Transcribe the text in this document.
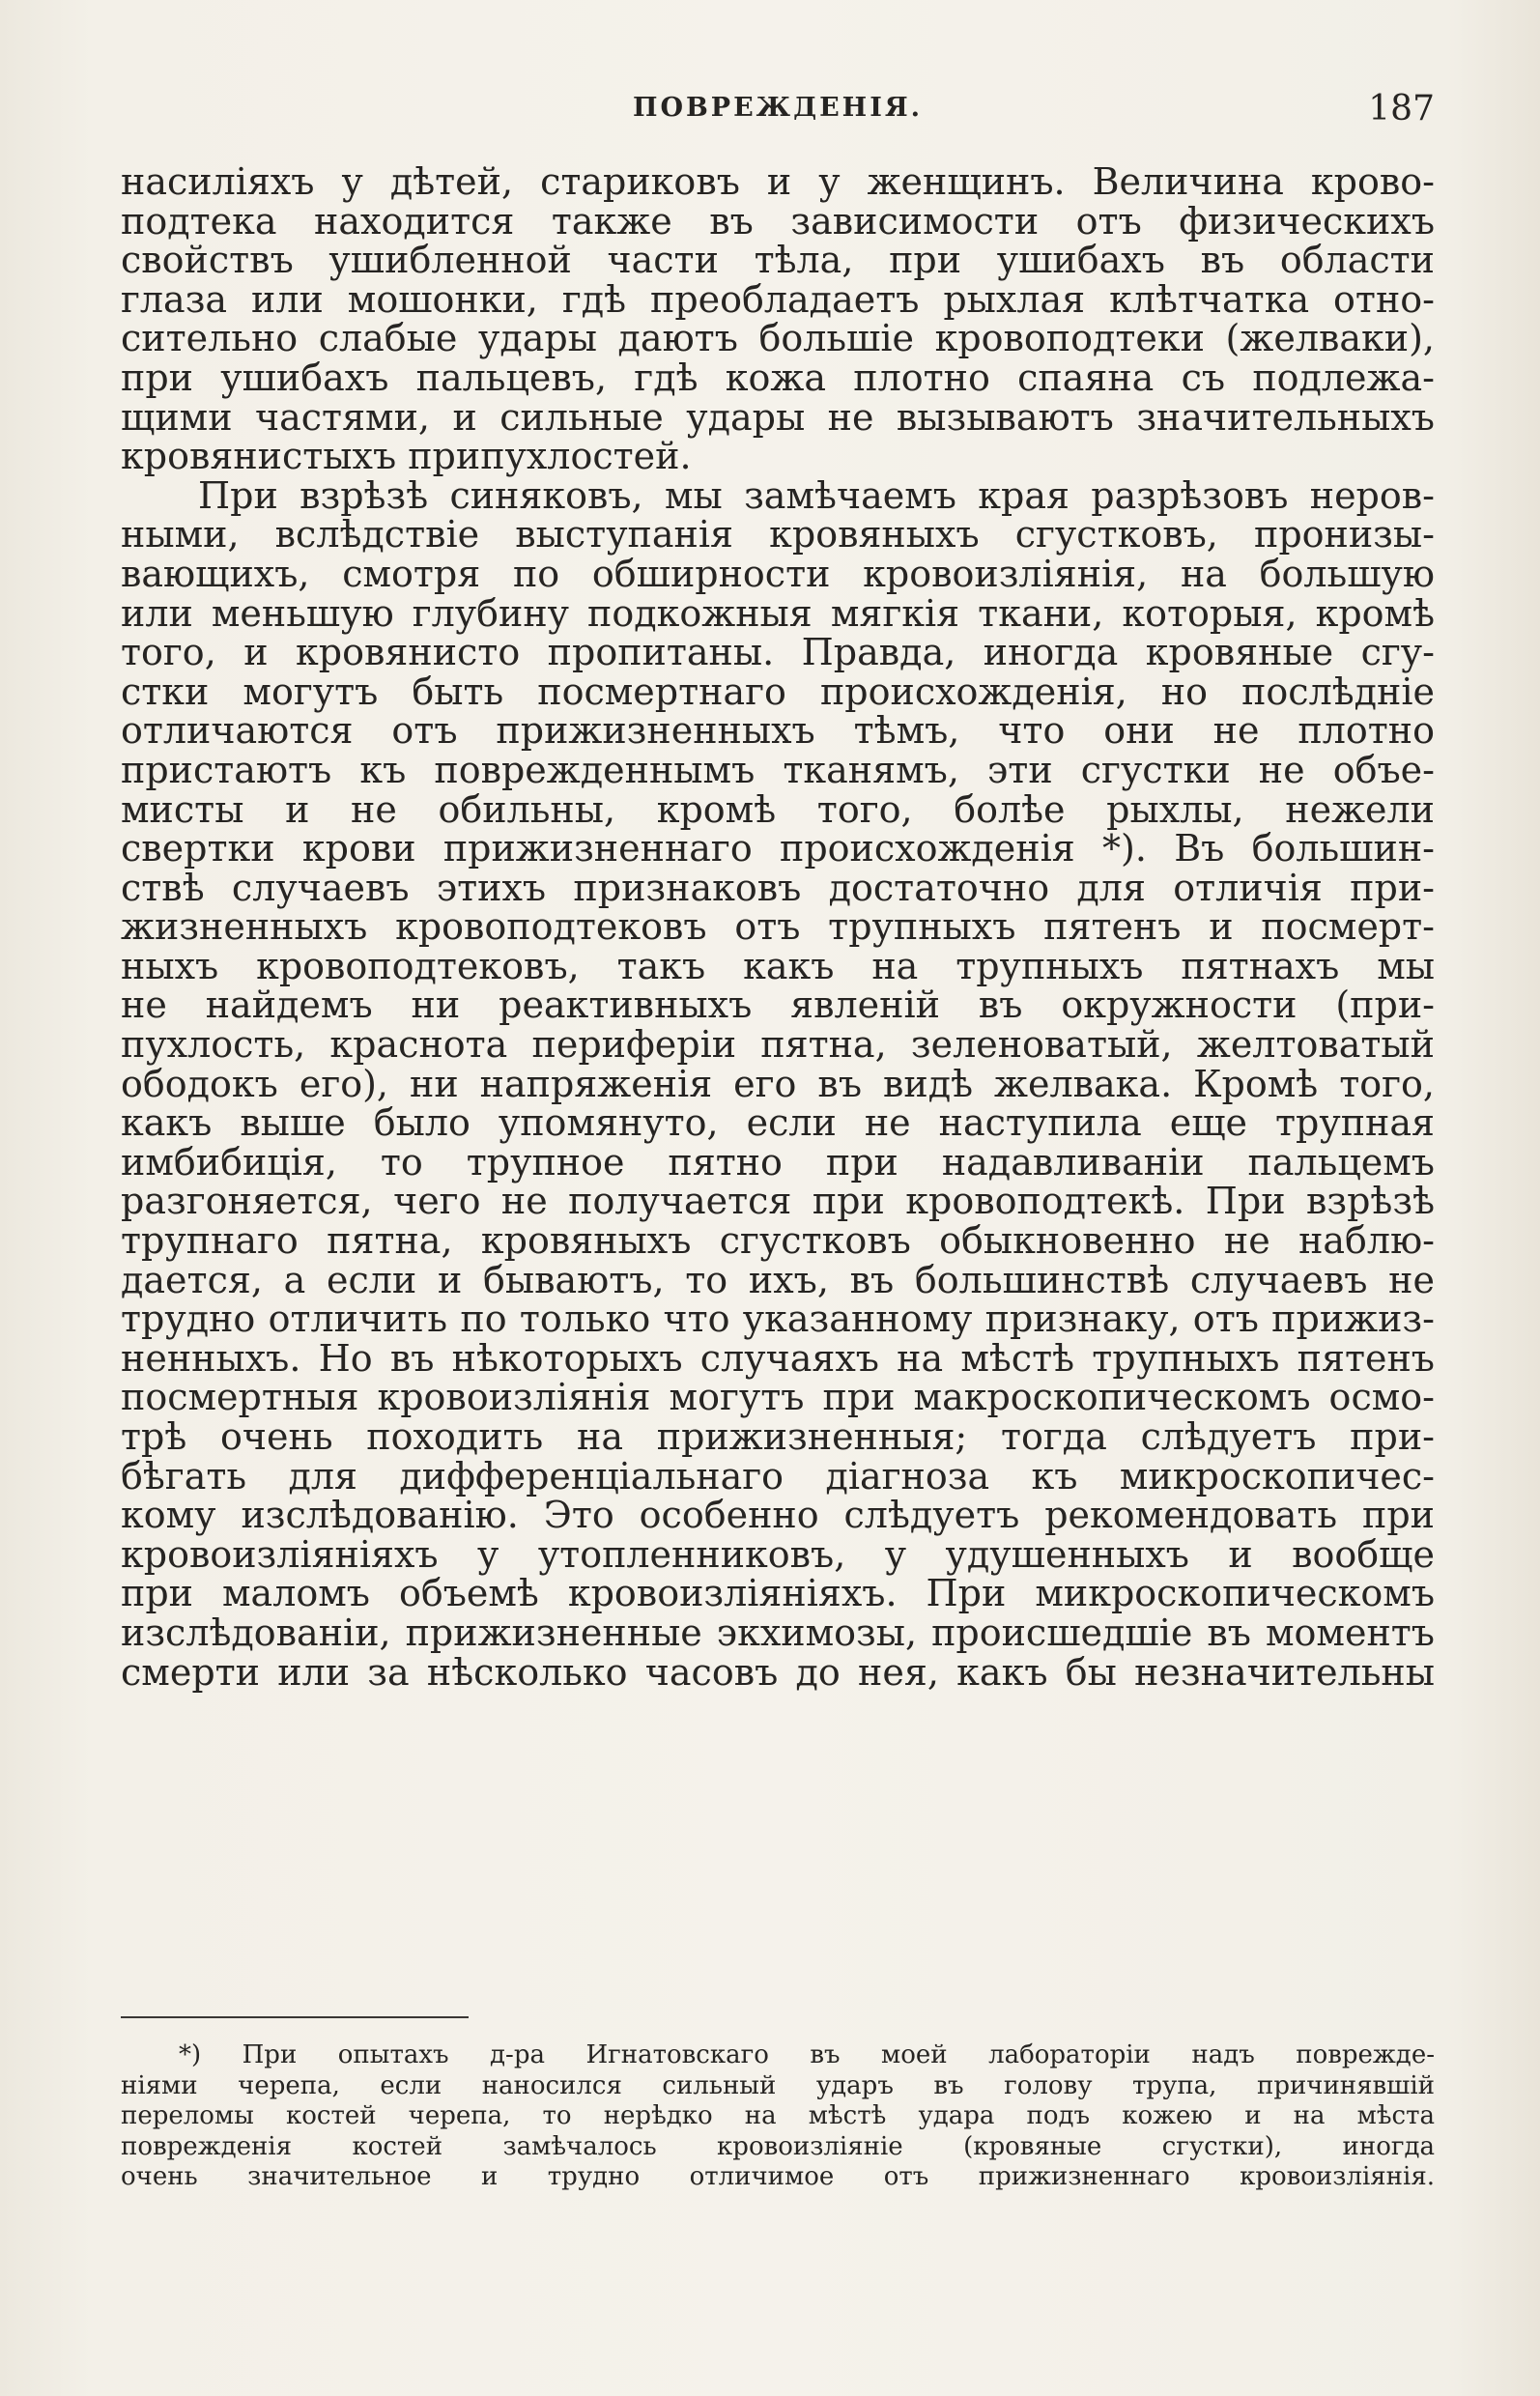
ПОВРЕЖДЕНІЯ.	187
насиліяхъ у дѣтей, стариковъ и у женщинъ. Величина крово-
подтека находится также въ зависимости отъ физическихъ
свойствъ ушибленной части тѣла, при ушибахъ въ области
глаза или мошонки, гдѣ преобладаетъ рыхлая клѣтчатка отно-
сительно слабые удары даютъ большіе кровоподтеки (желваки),
при ушибахъ пальцевъ, гдѣ кожа плотно спаяна съ подлежа-
щими частями, и сильные удары не вызываютъ значительныхъ
кровянистыхъ припухлостей.
При взрѣзѣ синяковъ, мы замѣчаемъ края разрѣзовъ неров-
ными, вслѣдствіе выступанія кровяныхъ сгустковъ, пронизы-
вающихъ, смотря по обширности кровоизліянія, на большую
или меньшую глубину подкожныя мягкія ткани, которыя, кромѣ
того, и кровянисто пропитаны. Правда, иногда кровяные сгу-
стки могутъ быть посмертнаго происхожденія, но послѣдніе
отличаются отъ прижизненныхъ тѣмъ, что они не плотно
пристаютъ къ поврежденнымъ тканямъ, эти сгустки не объе-
мисты и не обильны, кромѣ того, болѣе рыхлы, нежели
свертки крови прижизненнаго происхожденія *). Въ большин-
ствѣ случаевъ этихъ признаковъ достаточно для отличія при-
жизненныхъ кровоподтековъ отъ трупныхъ пятенъ и посмерт-
ныхъ кровоподтековъ, такъ какъ на трупныхъ пятнахъ мы
не найдемъ ни реактивныхъ явленій въ окружности (при-
пухлость, краснота периферіи пятна, зеленоватый, желтоватый
ободокъ его), ни напряженія его въ видѣ желвака. Кромѣ того,
какъ выше было упомянуто, если не наступила еще трупная
имбибиція, то трупное пятно при надавливаніи пальцемъ
разгоняется, чего не получается при кровоподтекѣ. При взрѣзѣ
трупнаго пятна, кровяныхъ сгустковъ обыкновенно не наблю-
дается, а если и бываютъ, то ихъ, въ большинствѣ случаевъ не
трудно отличить по только что указанному признаку, отъ прижиз-
ненныхъ. Но въ нѣкоторыхъ случаяхъ на мѣстѣ трупныхъ пятенъ
посмертныя кровоизліянія могутъ при макроскопическомъ осмо-
трѣ очень походить на прижизненныя; тогда слѣдуетъ при-
бѣгать для дифференціальнаго діагноза къ микроскопичес-
кому изслѣдованію. Это особенно слѣдуетъ рекомендовать при
кровоизліяніяхъ у утопленниковъ, у удушенныхъ и вообще
при маломъ объемѣ кровоизліяніяхъ. При микроскопическомъ
изслѣдованіи, прижизненные экхимозы, происшедшіе въ моментъ
смерти или за нѣсколько часовъ до нея, какъ бы незначительны
*) При опытахъ д-ра Игнатовскаго въ моей лабораторіи надъ поврежде-
ніями черепа, если наносился сильный ударъ въ голову трупа, причинявшій
переломы костей черепа, то нерѣдко на мѣстѣ удара подъ кожею и на мѣста
поврежденія костей замѣчалось кровоизліяніе (кровяные сгустки), иногда
очень значительное и трудно отличимое отъ прижизненнаго кровоизліянія.
